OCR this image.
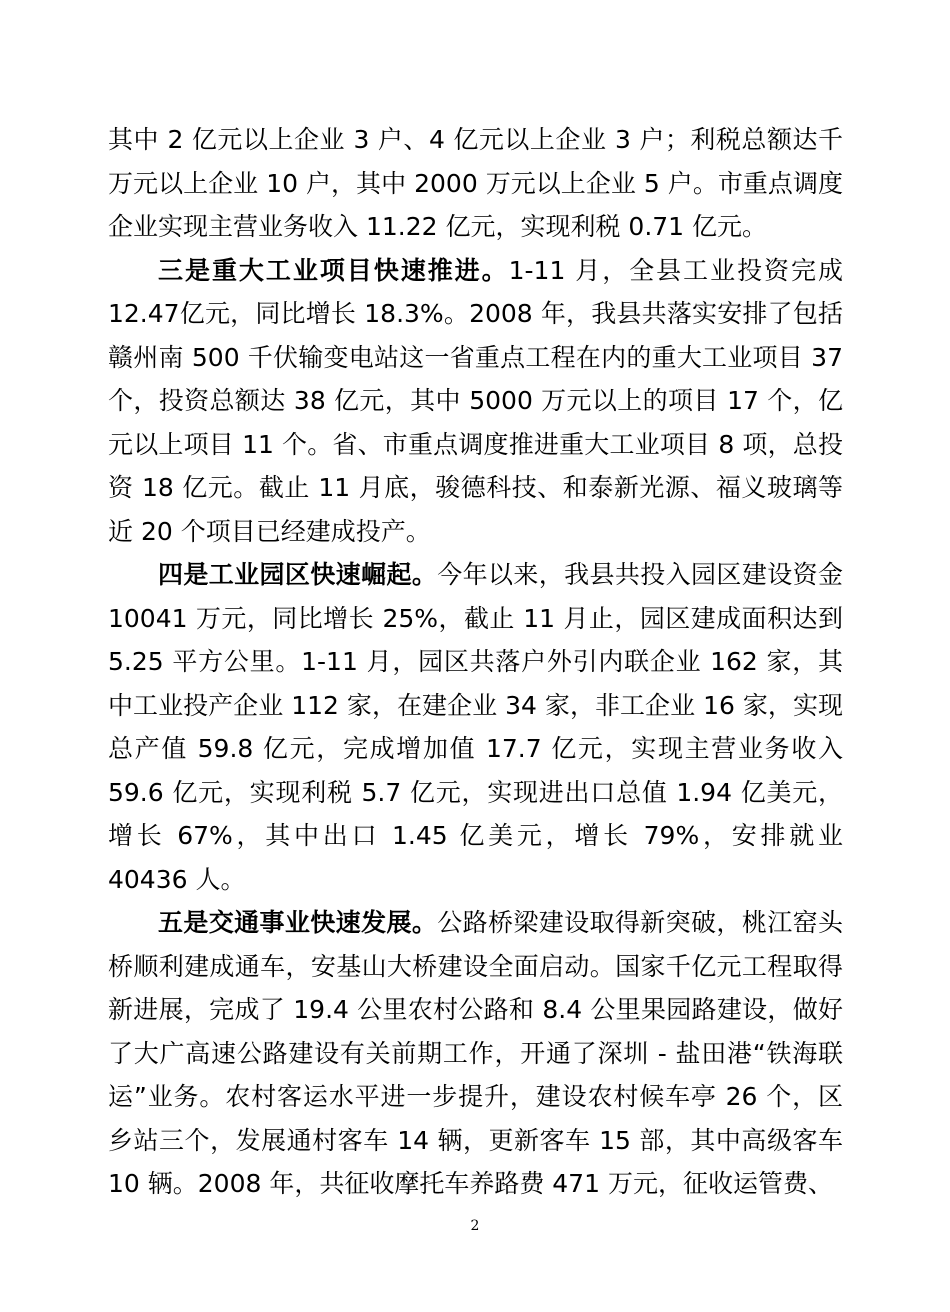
其中 2 亿元以上企业 3 户、4 亿元以上企业 3 户；利税总额达千万元以上企业 10 户，其中 2000 万元以上企业 5 户。市重点调度企业实现主营业务收入 11.22 亿元，实现利税 0.71 亿元。

三是重大工业项目快速推进。1-11 月，全县工业投资完成 12.47亿元，同比增长 18.3%。2008 年，我县共落实安排了包括赣州南 500 千伏输变电站这一省重点工程在内的重大工业项目 37 个，投资总额达 38 亿元，其中 5000 万元以上的项目 17 个，亿元以上项目 11 个。省、市重点调度推进重大工业项目 8 项，总投资 18 亿元。截止 11 月底，骏德科技、和泰新光源、福义玻璃等近 20 个项目已经建成投产。

四是工业园区快速崛起。今年以来，我县共投入园区建设资金 10041 万元，同比增长 25%，截止 11 月止，园区建成面积达到 5.25 平方公里。1-11 月，园区共落户外引内联企业 162 家，其中工业投产企业 112 家，在建企业 34 家，非工企业 16 家，实现总产值 59.8 亿元，完成增加值 17.7 亿元，实现主营业务收入 59.6 亿元，实现利税 5.7 亿元，实现进出口总值 1.94 亿美元，增长 67%，其中出口 1.45 亿美元，增长 79%，安排就业 40436 人。

五是交通事业快速发展。公路桥梁建设取得新突破，桃江窑头桥顺利建成通车，安基山大桥建设全面启动。国家千亿元工程取得新进展，完成了 19.4 公里农村公路和 8.4 公里果园路建设，做好了大广高速公路建设有关前期工作，开通了深圳 - 盐田港“铁海联运”业务。农村客运水平进一步提升，建设农村候车亭 26 个，区乡站三个，发展通村客车 14 辆，更新客车 15 部，其中高级客车 10 辆。2008 年，共征收摩托车养路费 471 万元，征收运管费、

2
